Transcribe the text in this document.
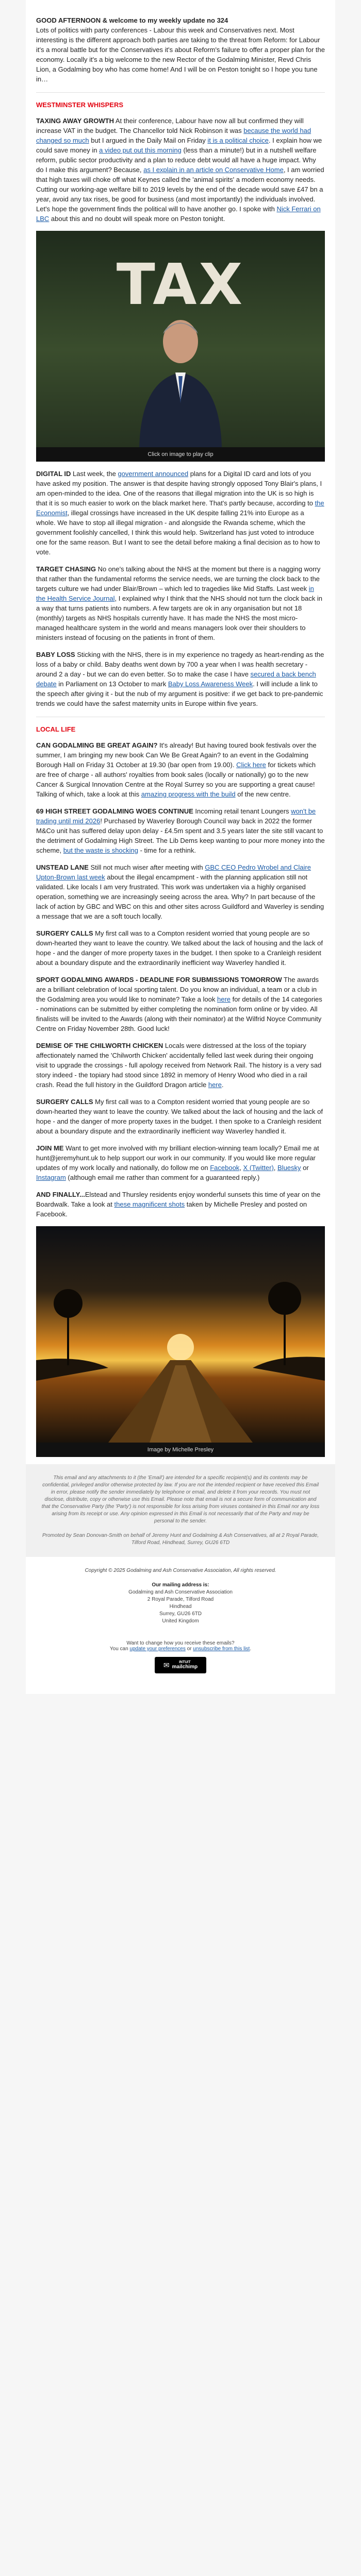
GOOD AFTERNOON & welcome to my weekly update no 324
Lots of politics with party conferences - Labour this week and Conservatives next. Most interesting is the different approach both parties are taking to the threat from Reform: for Labour it's a moral battle but for the Conservatives it's about Reform's failure to offer a proper plan for the economy. Locally it's a big welcome to the new Rector of the Godalming Minister, Revd Chris Lion, a Godalming boy who has come home! And I will be on Peston tonight so I hope you tune in…

WESTMINSTER WHISPERS

TAXING AWAY GROWTH At their conference, Labour have now all but confirmed they will increase VAT in the budget. The Chancellor told Nick Robinson it was because the world had changed so much but I argued in the Daily Mail on Friday it is a political choice. I explain how we could save money in a video put out this morning (less than a minute!) but in a nutshell welfare reform, public sector productivity and a plan to reduce debt would all have a huge impact. Why do I make this argument? Because, as I explain in an article on Conservative Home, I am worried that high taxes will choke off what Keynes called the 'animal spirits' a modern economy needs. Cutting our working-age welfare bill to 2019 levels by the end of the decade would save £47 bn a year, avoid any tax rises, be good for business (and most importantly) the individuals involved. Let's hope the government finds the political will to have another go. I spoke with Nick Ferrari on LBC about this and no doubt will speak more on Peston tonight.

TAX
Click on image to play clip

DIGITAL ID Last week, the government announced plans for a Digital ID card and lots of you have asked my position. The answer is that despite having strongly opposed Tony Blair's plans, I am open-minded to the idea. One of the reasons that illegal migration into the UK is so high is that it is so much easier to work on the black market here. That's partly because, according to the Economist, illegal crossings have increased in the UK despite falling 21% into Europe as a whole. We have to stop all illegal migration - and alongside the Rwanda scheme, which the government foolishly cancelled, I think this would help. Switzerland has just voted to introduce one for the same reason. But I want to see the detail before making a final decision as to how to vote.

TARGET CHASING No one's talking about the NHS at the moment but there is a nagging worry that rather than the fundamental reforms the service needs, we are turning the clock back to the targets culture we had under Blair/Brown – which led to tragedies like Mid Staffs. Last week in the Health Service Journal, I explained why I think that the NHS should not turn the clock back in a way that turns patients into numbers. A few targets are ok in any organisation but not 18 (monthly) targets as NHS hospitals currently have. It has made the NHS the most micro-managed healthcare system in the world and means managers look over their shoulders to ministers instead of focusing on the patients in front of them.

BABY LOSS Sticking with the NHS, there is in my experience no tragedy as heart-rending as the loss of a baby or child. Baby deaths went down by 700 a year when I was health secretary - around 2 a day - but we can do even better. So to make the case I have secured a back bench debate in Parliament on 13 October to mark Baby Loss Awareness Week. I will include a link to the speech after giving it - but the nub of my argument is positive: if we get back to pre-pandemic trends we could have the safest maternity units in Europe within five years.

LOCAL LIFE

CAN GODALMING BE GREAT AGAIN? It's already! But having toured book festivals over the summer, I am bringing my new book Can We Be Great Again? to an event in the Godalming Borough Hall on Friday 31 October at 19.30 (bar open from 19.00). Click here for tickets which are free of charge - all authors' royalties from book sales (locally or nationally) go to the new Cancer & Surgical Innovation Centre at the Royal Surrey so you are supporting a great cause! Talking of which, take a look at this amazing progress with the build of the new centre.

69 HIGH STREET GODALMING WOES CONTINUE Incoming retail tenant Loungers won't be trading until mid 2026! Purchased by Waverley Borough Council way back in 2022 the former M&Co unit has suffered delay upon delay - £4.5m spent and 3.5 years later the site still vacant to the detriment of Godalming High Street. The Lib Dems keep wanting to pour more money into the scheme, but the waste is shocking - time for a rethink.

UNSTEAD LANE Still not much wiser after meeting with GBC CEO Pedro Wrobel and Claire Upton-Brown last week about the illegal encampment - with the planning application still not validated. Like locals I am very frustrated. This work was undertaken via a highly organised operation, something we are increasingly seeing across the area. Why? In part because of the lack of action by GBC and WBC on this and other sites across Guildford and Waverley is sending a message that we are a soft touch locally.

SURGERY CALLS My first call was to a Compton resident worried that young people are so down-hearted they want to leave the country. We talked about the lack of housing and the lack of hope - and the danger of more property taxes in the budget. I then spoke to a Cranleigh resident about a boundary dispute and the extraordinarily inefficient way Waverley handled it.

SPORT GODALMING AWARDS - DEADLINE FOR SUBMISSIONS TOMORROW The awards are a brilliant celebration of local sporting talent. Do you know an individual, a team or a club in the Godalming area you would like to nominate? Take a look here for details of the 14 categories - nominations can be submitted by either completing the nomination form online or by video. All finalists will be invited to the Awards (along with their nominator) at the Wilfrid Noyce Community Centre on Friday November 28th. Good luck!

DEMISE OF THE CHILWORTH CHICKEN Locals were distressed at the loss of the topiary affectionately named the 'Chilworth Chicken' accidentally felled last week during their ongoing visit to upgrade the crossings - full apology received from Network Rail. The history is a very sad story indeed - the topiary had stood since 1892 in memory of Henry Wood who died in a rail crash. Read the full history in the Guildford Dragon article here.

SURGERY CALLS My first call was to a Compton resident worried that young people are so down-hearted they want to leave the country. We talked about the lack of housing and the lack of hope - and the danger of more property taxes in the budget. I then spoke to a Cranleigh resident about a boundary dispute and the extraordinarily inefficient way Waverley handled it.

JOIN ME Want to get more involved with my brilliant election-winning team locally? Email me at hunt@jeremyhunt.uk to help support our work in our community. If you would like more regular updates of my work locally and nationally, do follow me on Facebook, X (Twitter), Bluesky or Instagram (although email me rather than comment for a guaranteed reply.)

AND FINALLY...Elstead and Thursley residents enjoy wonderful sunsets this time of year on the Boardwalk. Take a look at these magnificent shots taken by Michelle Presley and posted on Facebook.

Image by Michelle Presley

This email and any attachments to it (the 'Email') are intended for a specific recipient(s) and its contents may be confidential, privileged and/or otherwise protected by law. If you are not the intended recipient or have received this Email in error, please notify the sender immediately by telephone or email, and delete it from your records. You must not disclose, distribute, copy or otherwise use this Email. Please note that email is not a secure form of communication and that the Conservative Party (the 'Party') is not responsible for loss arising from viruses contained in this Email nor any loss arising from its receipt or use. Any opinion expressed in this Email is not necessarily that of the Party and may be personal to the sender.

Promoted by Sean Donovan-Smith on behalf of Jeremy Hunt and Godalming & Ash Conservatives, all at 2 Royal Parade, Tilford Road, Hindhead, Surrey, GU26 6TD

Copyright © 2025 Godalming and Ash Conservative Association, All rights reserved.

Our mailing address is:
Godalming and Ash Conservative Association
2 Royal Parade, Tilford Road
Hindhead
Surrey, GU26 6TD
United Kingdom
Want to change how you receive these emails?
You can update your preferences or unsubscribe from this list.
✉	INTUIT
mailchimp
